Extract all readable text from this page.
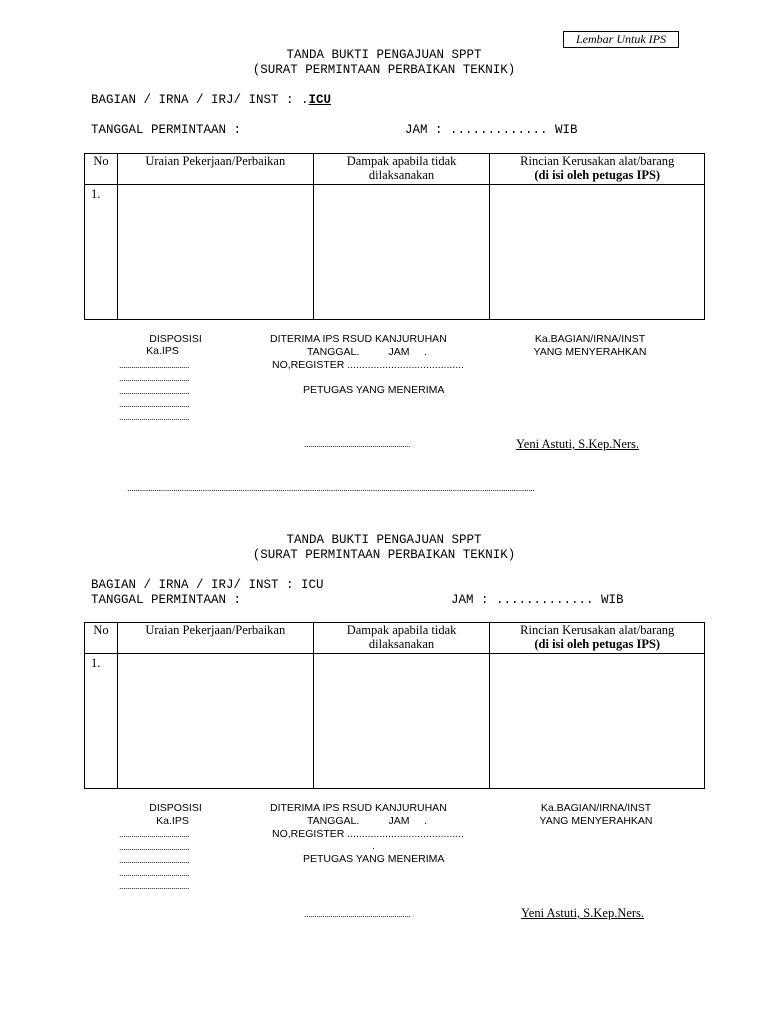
Lembar Untuk IPS
TANDA BUKTI PENGAJUAN SPPT
(SURAT PERMINTAAN PERBAIKAN TEKNIK)
BAGIAN / IRNA / IRJ/ INST : .ICU
TANGGAL PERMINTAAN :	JAM : ............. WIB
No	Uraian Pekerjaan/Perbaikan	Dampak apabila tidak dilaksanakan	Rincian Kerusakan alat/barang
(di isi oleh petugas IPS)

1.			
DISPOSISI
Ka.IPS
...................................
...................................
...................................
...................................
...................................
DITERIMA IPS RSUD KANJURUHAN
TANGGAL.          JAM     .
NO,REGISTER ........................................
PETUGAS YANG MENERIMA
Ka.BAGIAN/IRNA/INST
YANG MENYERAHKAN
.....................................................	Yeni Astuti, S.Kep.Ners.
..................................................................................................................................................................................................
TANDA BUKTI PENGAJUAN SPPT
(SURAT PERMINTAAN PERBAIKAN TEKNIK)
BAGIAN / IRNA / IRJ/ INST : ICU
TANGGAL PERMINTAAN :	JAM : ............. WIB
No	Uraian Pekerjaan/Perbaikan	Dampak apabila tidak dilaksanakan	Rincian Kerusakan alat/barang
(di isi oleh petugas IPS)

1.			
DISPOSISI
Ka.IPS
...................................
...................................
...................................
...................................
...................................
DITERIMA IPS RSUD KANJURUHAN
TANGGAL.          JAM     .
NO,REGISTER ........................................
.
PETUGAS YANG MENERIMA
Ka.BAGIAN/IRNA/INST
YANG MENYERAHKAN
.....................................................	Yeni Astuti, S.Kep.Ners.
